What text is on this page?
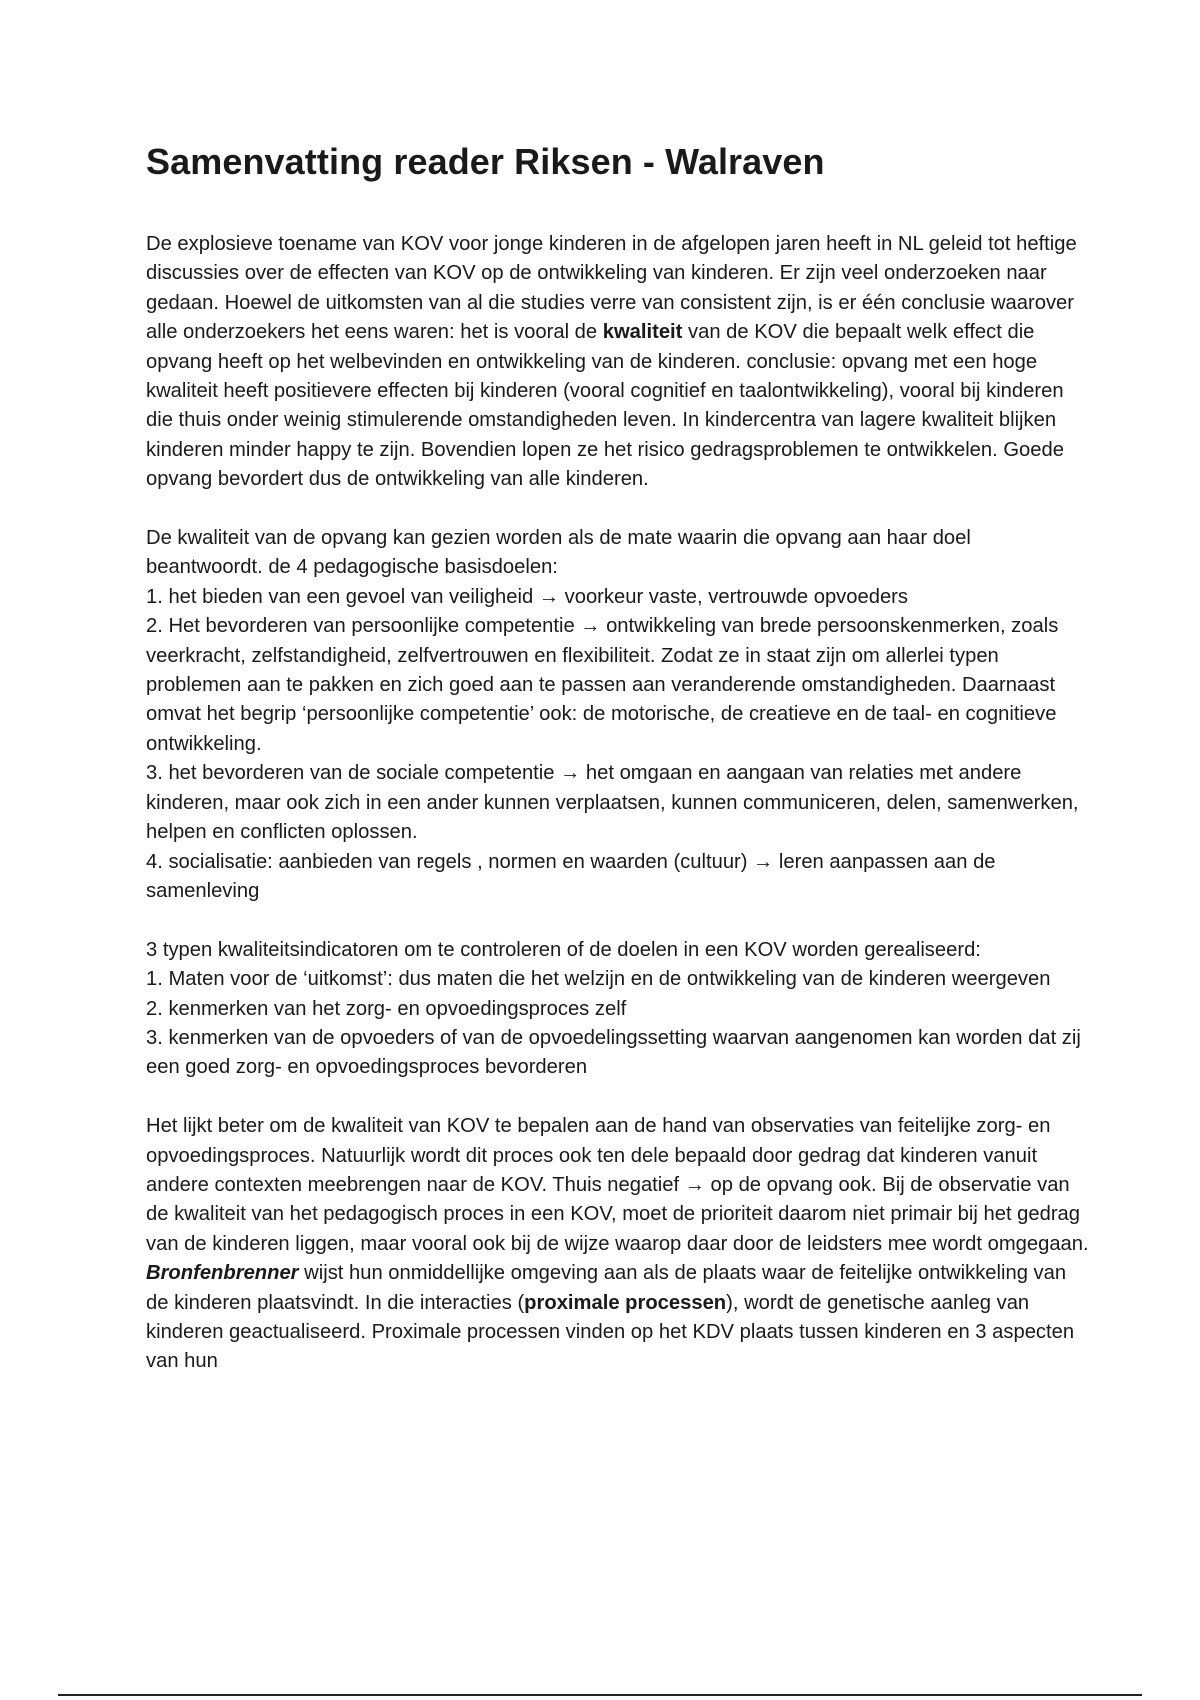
Samenvatting reader Riksen - Walraven

De explosieve toename van KOV voor jonge kinderen in de afgelopen jaren heeft in NL geleid tot heftige discussies over de effecten van KOV op de ontwikkeling van kinderen. Er zijn veel onderzoeken naar gedaan. Hoewel de uitkomsten van al die studies verre van consistent zijn, is er één conclusie waarover alle onderzoekers het eens waren: het is vooral de kwaliteit van de KOV die bepaalt welk effect die opvang heeft op het welbevinden en ontwikkeling van de kinderen. conclusie: opvang met een hoge kwaliteit heeft positievere effecten bij kinderen (vooral cognitief en taalontwikkeling), vooral bij kinderen die thuis onder weinig stimulerende omstandigheden leven. In kindercentra van lagere kwaliteit blijken kinderen minder happy te zijn. Bovendien lopen ze het risico gedragsproblemen te ontwikkelen. Goede opvang bevordert dus de ontwikkeling van alle kinderen.

De kwaliteit van de opvang kan gezien worden als de mate waarin die opvang aan haar doel beantwoordt. de 4 pedagogische basisdoelen:
1. het bieden van een gevoel van veiligheid → voorkeur vaste, vertrouwde opvoeders
2. Het bevorderen van persoonlijke competentie → ontwikkeling van brede persoonskenmerken, zoals veerkracht, zelfstandigheid, zelfvertrouwen en flexibiliteit. Zodat ze in staat zijn om allerlei typen problemen aan te pakken en zich goed aan te passen aan veranderende omstandigheden. Daarnaast omvat het begrip ‘persoonlijke competentie’ ook: de motorische, de creatieve en de taal- en cognitieve ontwikkeling.
3. het bevorderen van de sociale competentie → het omgaan en aangaan van relaties met andere kinderen, maar ook zich in een ander kunnen verplaatsen, kunnen communiceren, delen, samenwerken, helpen en conflicten oplossen.
4. socialisatie: aanbieden van regels , normen en waarden (cultuur) → leren aanpassen aan de samenleving
3 typen kwaliteitsindicatoren om te controleren of de doelen in een KOV worden gerealiseerd:
1. Maten voor de ‘uitkomst’: dus maten die het welzijn en de ontwikkeling van de kinderen weergeven
2. kenmerken van het zorg- en opvoedingsproces zelf
3. kenmerken van de opvoeders of van de opvoedelingssetting waarvan aangenomen kan worden dat zij een goed zorg- en opvoedingsproces bevorderen

Het lijkt beter om de kwaliteit van KOV te bepalen aan de hand van observaties van feitelijke zorg- en opvoedingsproces. Natuurlijk wordt dit proces ook ten dele bepaald door gedrag dat kinderen vanuit andere contexten meebrengen naar de KOV. Thuis negatief → op de opvang ook. Bij de observatie van de kwaliteit van het pedagogisch proces in een KOV, moet de prioriteit daarom niet primair bij het gedrag van de kinderen liggen, maar vooral ook bij de wijze waarop daar door de leidsters mee wordt omgegaan. Bronfenbrenner wijst hun onmiddellijke omgeving aan als de plaats waar de feitelijke ontwikkeling van de kinderen plaatsvindt. In die interacties (proximale processen), wordt de genetische aanleg van kinderen geactualiseerd. Proximale processen vinden op het KDV plaats tussen kinderen en 3 aspecten van hun
